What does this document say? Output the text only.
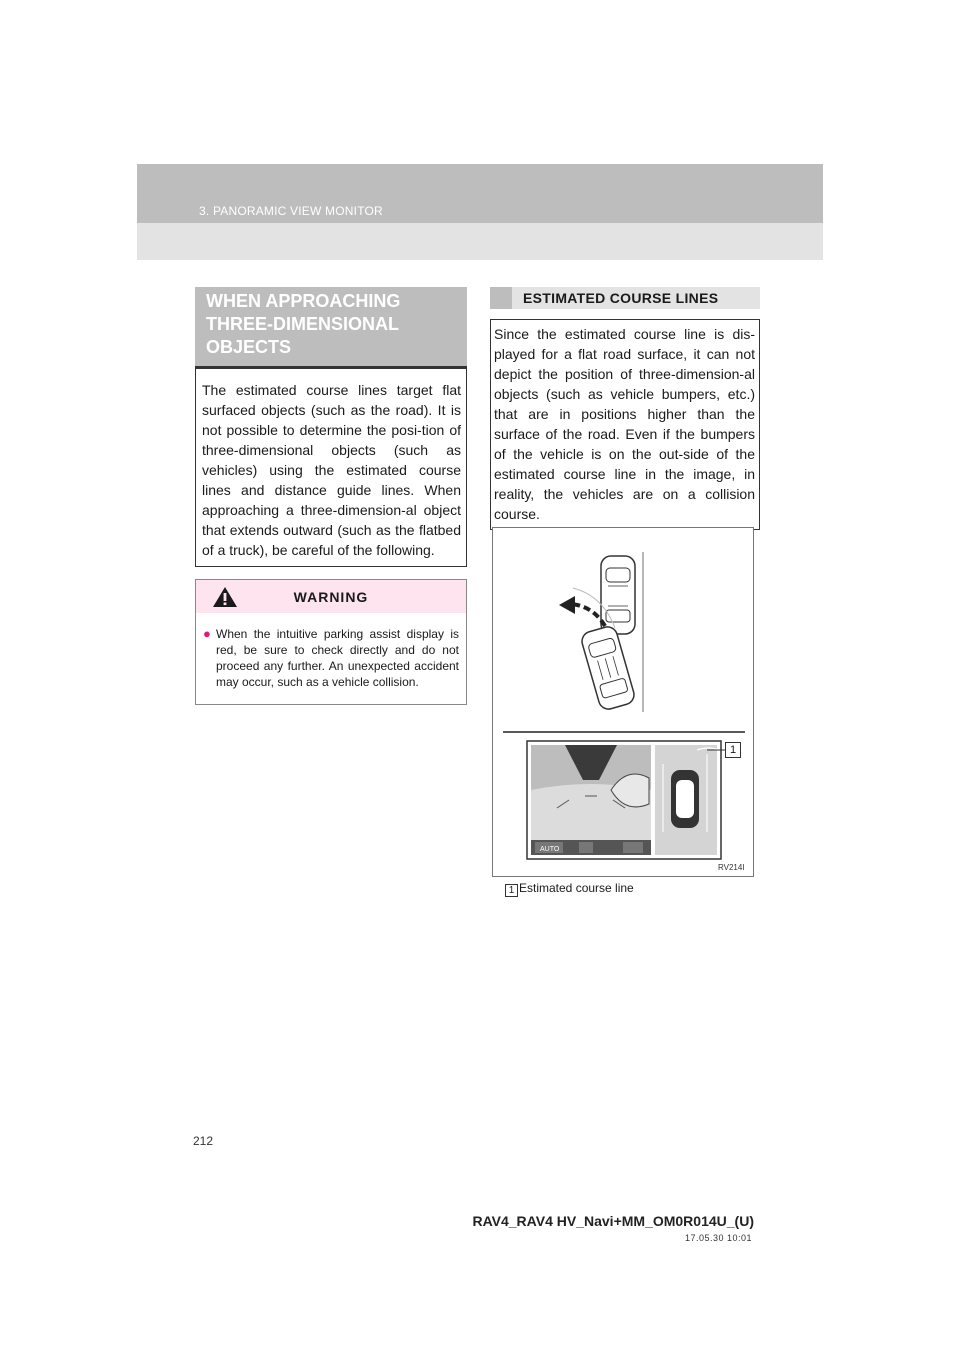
3. PANORAMIC VIEW MONITOR
WHEN APPROACHING
THREE-DIMENSIONAL
OBJECTS
The estimated course lines target flat surfaced objects (such as the road). It is not possible to determine the posi-tion of three-dimensional objects (such as vehicles) using the estimated course lines and distance guide lines. When approaching a three-dimension-al object that extends outward (such as the flatbed of a truck), be careful of the following.
WARNING
● When the intuitive parking assist display is red, be sure to check directly and do not proceed any further. An unexpected accident may occur, such as a vehicle collision.
ESTIMATED COURSE LINES
Since the estimated course line is dis-played for a flat road surface, it can not depict the position of three-dimension-al objects (such as vehicle bumpers, etc.) that are in positions higher than the surface of the road. Even if the bumpers of the vehicle is on the out-side of the estimated course line in the image, in reality, the vehicles are on a collision course.
AUTO
1
RV214I
1 Estimated course line
212
RAV4_RAV4 HV_Navi+MM_OM0R014U_(U)
17.05.30 10:01
